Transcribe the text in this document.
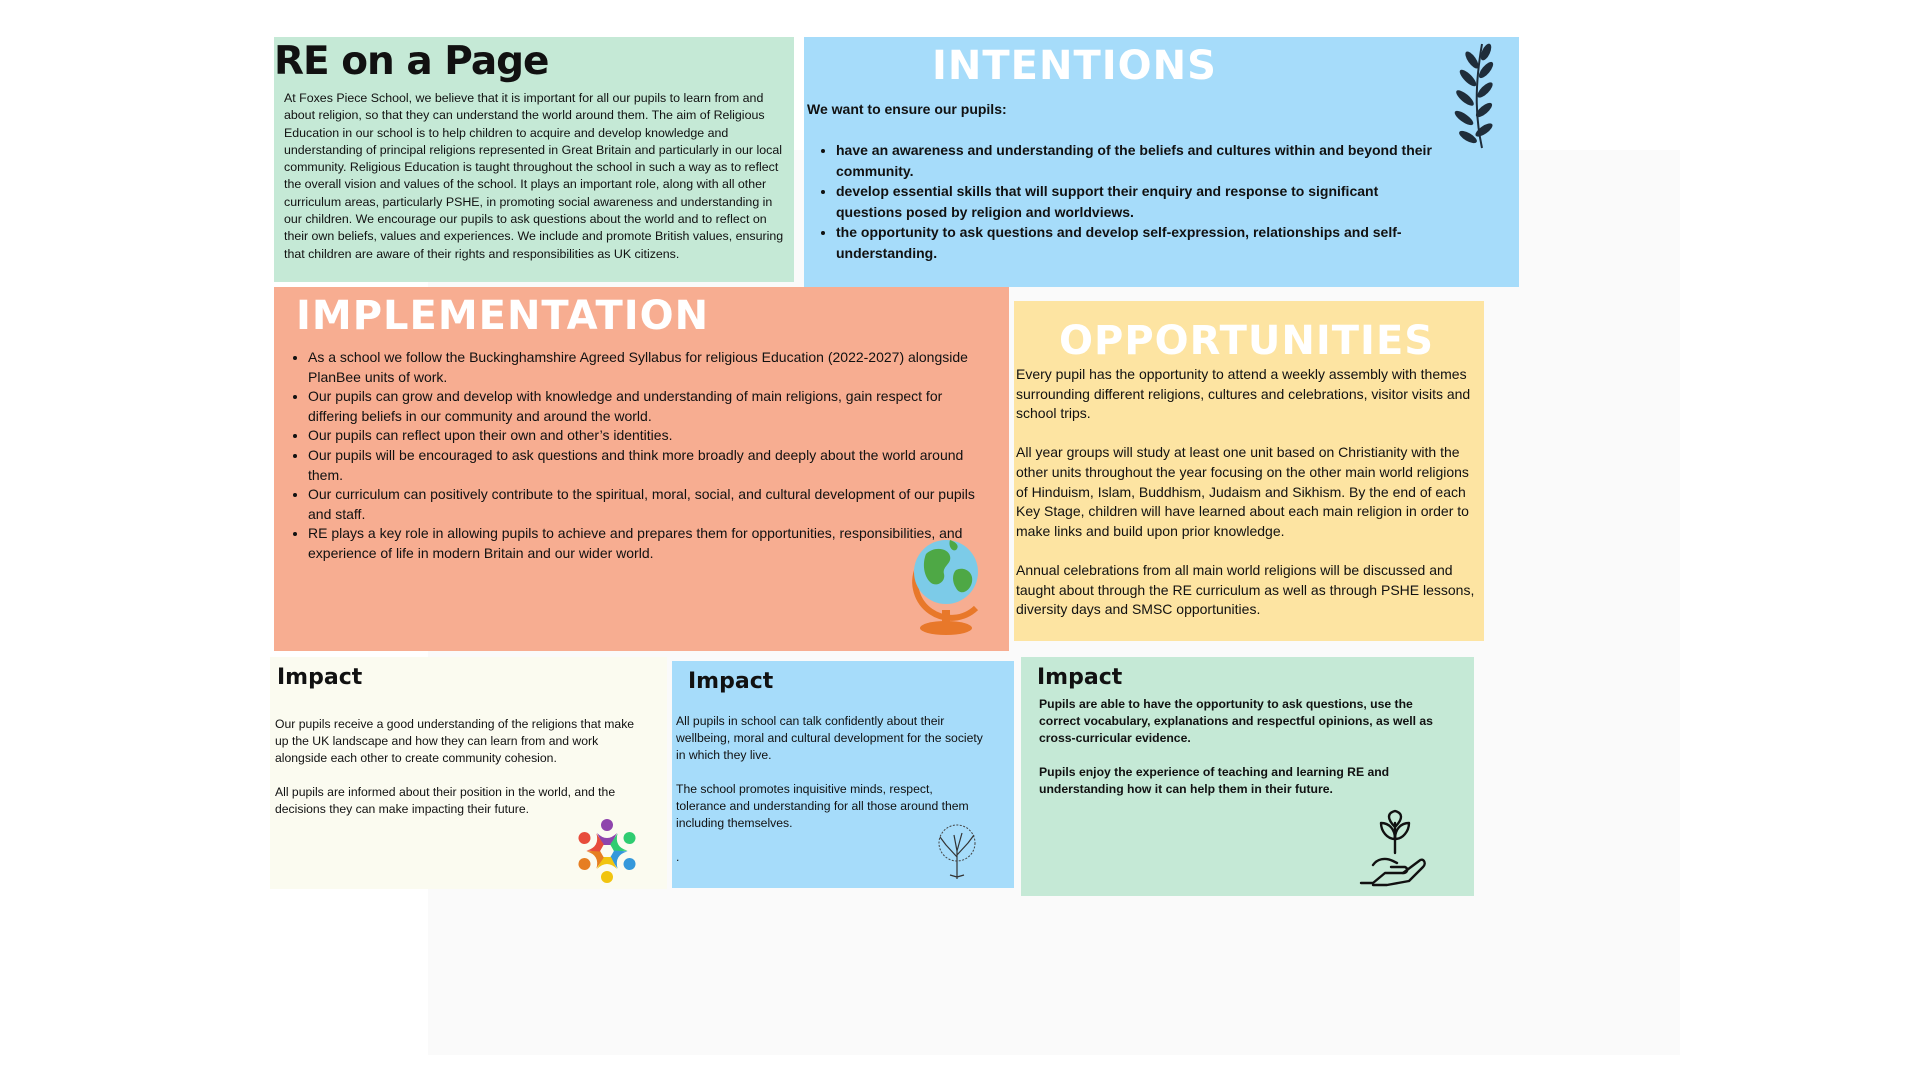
RE on a Page

At Foxes Piece School, we believe that it is important for all our pupils to learn from and about religion, so that they can understand the world around them. The aim of Religious Education in our school is to help children to acquire and develop knowledge and understanding of principal religions represented in Great Britain and particularly in our local community. Religious Education is taught throughout the school in such a way as to reflect the overall vision and values of the school. It plays an important role, along with all other curriculum areas, particularly PSHE, in promoting social awareness and understanding in our children. We encourage our pupils to ask questions about the world and to reflect on their own beliefs, values and experiences. We include and promote British values, ensuring that children are aware of their rights and responsibilities as UK citizens.

INTENTIONS

We want to ensure our pupils:

• have an awareness and understanding of the beliefs and cultures within and beyond their community.
• develop essential skills that will support their enquiry and response to significant questions posed by religion and worldviews.
• the opportunity to ask questions and develop self-expression, relationships and self-understanding.
IMPLEMENTATION
• As a school we follow the Buckinghamshire Agreed Syllabus for religious Education (2022-2027) alongside PlanBee units of work.
• Our pupils can grow and develop with knowledge and understanding of main religions, gain respect for differing beliefs in our community and around the world.
• Our pupils can reflect upon their own and other’s identities.
• Our pupils will be encouraged to ask questions and think more broadly and deeply about the world around them.
• Our curriculum can positively contribute to the spiritual, moral, social, and cultural development of our pupils and staff.
• RE plays a key role in allowing pupils to achieve and prepares them for opportunities, responsibilities, and experience of life in modern Britain and our wider world.
OPPORTUNITIES

Every pupil has the opportunity to attend a weekly assembly with themes surrounding different religions, cultures and celebrations, visitor visits and school trips.

All year groups will study at least one unit based on Christianity with the other units throughout the year focusing on the other main world religions of Hinduism, Islam, Buddhism, Judaism and Sikhism. By the end of each Key Stage, children will have learned about each main religion in order to make links and build upon prior knowledge.

Annual celebrations from all main world religions will be discussed and taught about through the RE curriculum as well as through PSHE lessons, diversity days and SMSC opportunities.

Impact

Our pupils receive a good understanding of the religions that make up the UK landscape and how they can learn from and work alongside each other to create community cohesion.

All pupils are informed about their position in the world, and the decisions they can make impacting their future.

Impact

All pupils in school can talk confidently about their wellbeing, moral and cultural development for the society in which they live.

The school promotes inquisitive minds, respect, tolerance and understanding for all those around them including themselves.

.

Impact

Pupils are able to have the opportunity to ask questions, use the correct vocabulary, explanations and respectful opinions, as well as cross-curricular evidence.

Pupils enjoy the experience of teaching and learning RE and understanding how it can help them in their future.
